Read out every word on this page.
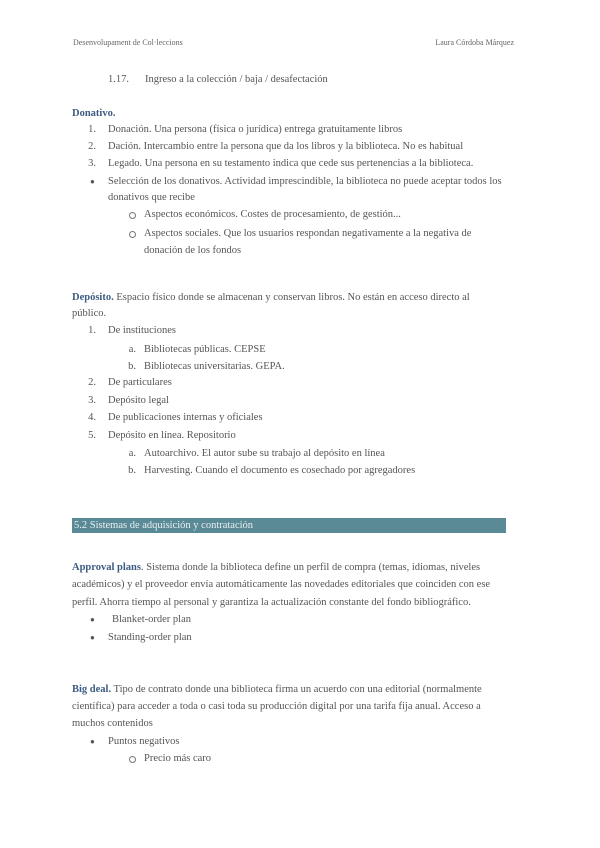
Desenvolupament de Col·leccions	Laura Córdoba Márquez
1.17. Ingreso a la colección / baja / desafectación
Donativo.
1. Donación. Una persona (física o jurídica) entrega gratuitamente libros
2. Dación. Intercambio entre la persona que da los libros y la biblioteca. No es habitual
3. Legado. Una persona en su testamento indica que cede sus pertenencias a la biblioteca.
● Selección de los donativos. Actividad imprescindible, la biblioteca no puede aceptar todos los
donativos que recibe
Aspectos económicos. Costes de procesamiento, de gestión...
Aspectos sociales. Que los usuarios respondan negativamente a la negativa de
donación de los fondos
Depósito. Espacio físico donde se almacenan y conservan libros. No están en acceso directo al
público.
1. De instituciones
a. Bibliotecas públicas. CEPSE
b. Bibliotecas universitarias. GEPA.
2. De particulares
3. Depósito legal
4. De publicaciones internas y oficiales
5. Depósito en línea. Repositorio
a. Autoarchivo. El autor sube su trabajo al depósito en línea
b. Harvesting. Cuando el documento es cosechado por agregadores
5.2 Sistemas de adquisición y contratación
Approval plans. Sistema donde la biblioteca define un perfil de compra (temas, idiomas, niveles
académicos) y el proveedor envía automáticamente las novedades editoriales que coinciden con ese
perfil. Ahorra tiempo al personal y garantiza la actualización constante del fondo bibliográfico.
● Blanket-order plan
● Standing-order plan
Big deal. Tipo de contrato donde una biblioteca firma un acuerdo con una editorial (normalmente
científica) para acceder a toda o casi toda su producción digital por una tarifa fija anual. Acceso a
muchos contenidos
● Puntos negativos
Precio más caro
